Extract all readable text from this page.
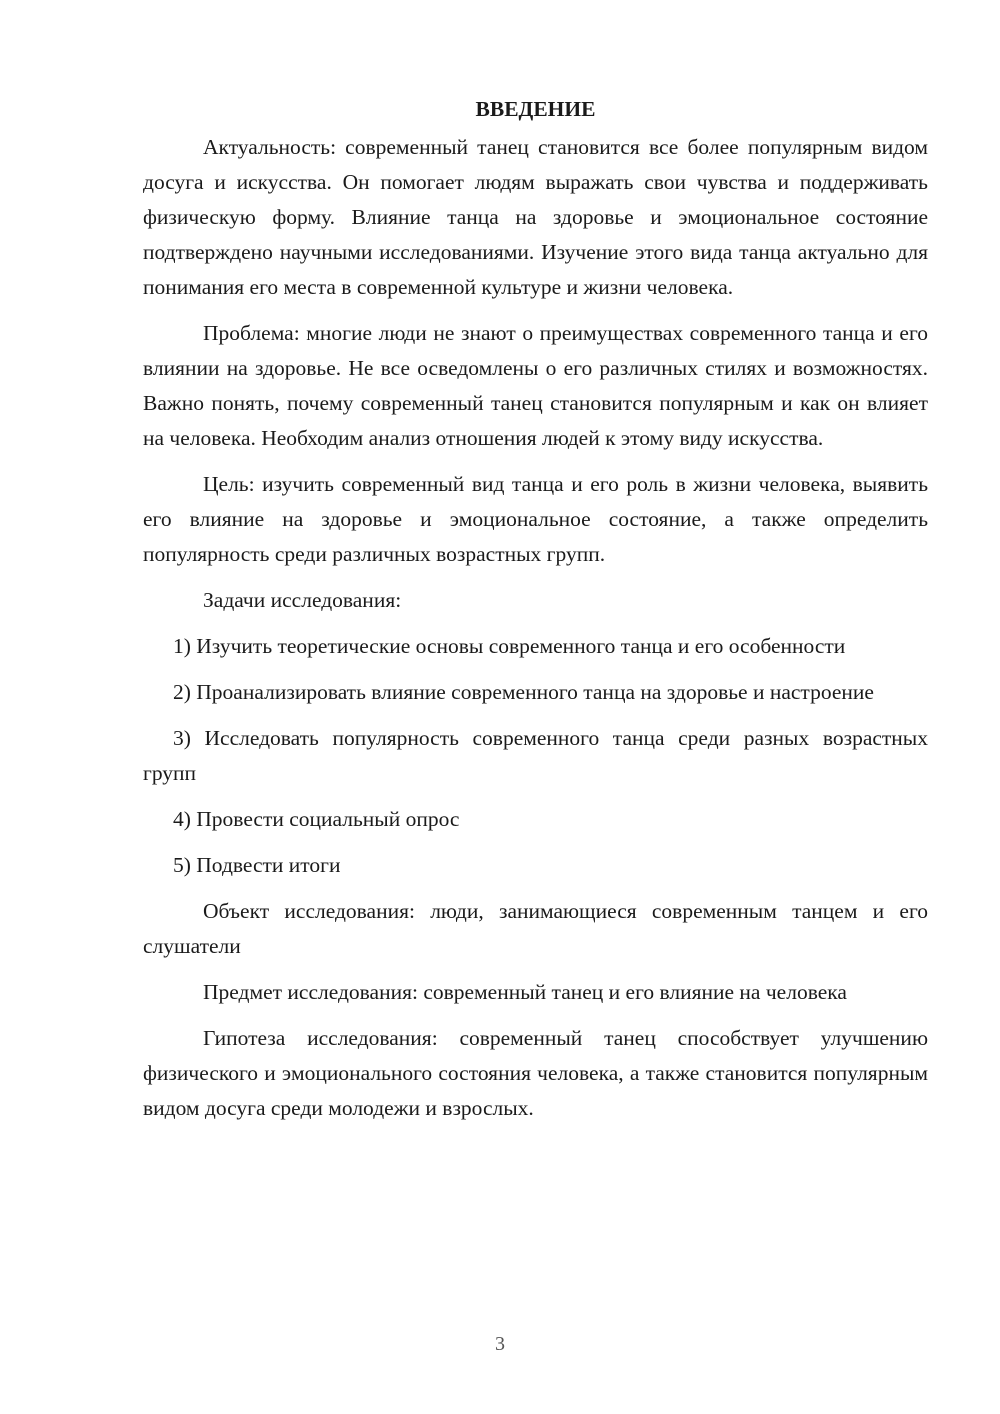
ВВЕДЕНИЕ

Актуальность: современный танец становится все более популярным видом досуга и искусства. Он помогает людям выражать свои чувства и поддерживать физическую форму. Влияние танца на здоровье и эмоциональное состояние подтверждено научными исследованиями. Изучение этого вида танца актуально для понимания его места в современной культуре и жизни человека.

Проблема: многие люди не знают о преимуществах современного танца и его влиянии на здоровье. Не все осведомлены о его различных стилях и возможностях. Важно понять, почему современный танец становится популярным и как он влияет на человека. Необходим анализ отношения людей к этому виду искусства.

Цель: изучить современный вид танца и его роль в жизни человека, выявить его влияние на здоровье и эмоциональное состояние, а также определить популярность среди различных возрастных групп.

Задачи исследования:

1) Изучить теоретические основы современного танца и его особенности

2) Проанализировать влияние современного танца на здоровье и настроение

3) Исследовать популярность современного танца среди разных возрастных групп

4) Провести социальный опрос

5) Подвести итоги

Объект исследования: люди, занимающиеся современным танцем и его слушатели

Предмет исследования: современный танец и его влияние на человека

Гипотеза исследования: современный танец способствует улучшению физического и эмоционального состояния человека, а также становится популярным видом досуга среди молодежи и взрослых.

3
